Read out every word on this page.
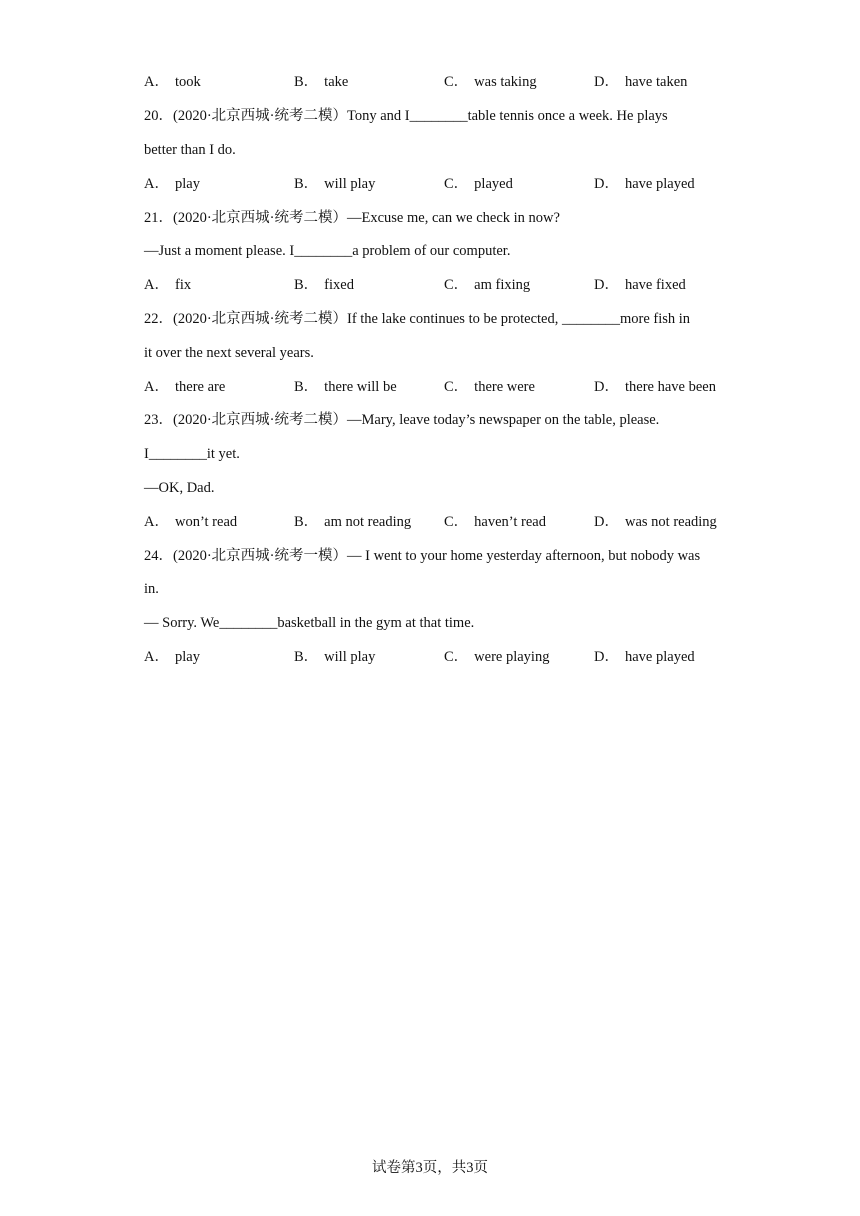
A． took	B． take	C． was taking	D． have taken
20．(2020·北京西城·统考二模）Tony and I________table tennis once a week. He plays
better than I do.
A． play	B． will play	C． played	D． have played
21．(2020·北京西城·统考二模）—Excuse me, can we check in now?
—Just a moment please. I________a problem of our computer.
A． fix	B． fixed	C． am fixing	D． have fixed
22．(2020·北京西城·统考二模）If the lake continues to be protected, ________more fish in
it over the next several years.
A． there are	B． there will be	C． there were	D． there have been
23．(2020·北京西城·统考二模）—Mary, leave today’s newspaper on the table, please.
I________it yet.
—OK, Dad.
A． won’t read	B． am not reading C． haven’t read	D． was not reading
24．(2020·北京西城·统考一模）— I went to your home yesterday afternoon, but nobody was
in.
— Sorry. We________basketball in the gym at that time.
A． play	B． will play	C． were playing	D． have played
试卷第3页，共3页
